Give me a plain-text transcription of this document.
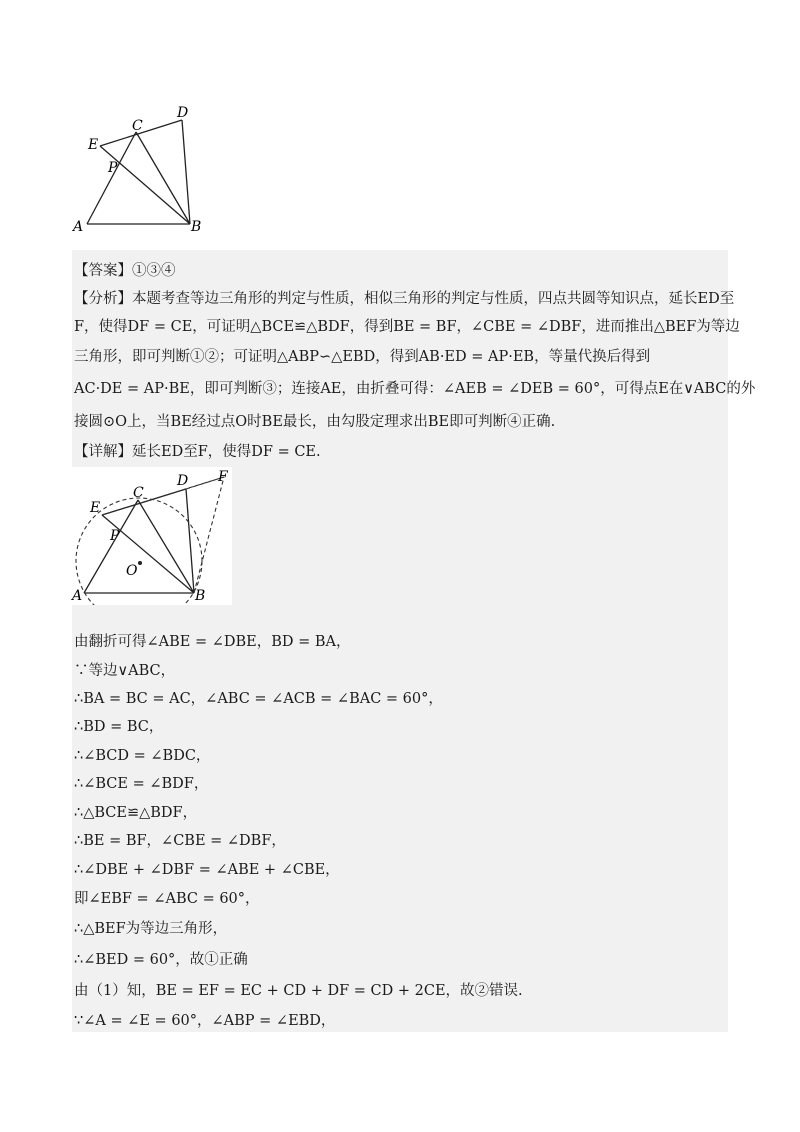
A	B
C
D
E
P
【答案】①③④
【分析】本题考查等边三角形的判定与性质，相似三角形的判定与性质，四点共圆等知识点，延长ED至
F，使得DF = CE，可证明△BCE≌△BDF，得到BE = BF，∠CBE = ∠DBF，进而推出△BEF为等边
三角形，即可判断①②；可证明△ABP∽△EBD，得到AB·ED = AP·EB，等量代换后得到
AC·DE = AP·BE，即可判断③；连接AE，由折叠可得：∠AEB = ∠DEB = 60°，可得点E在∨ABC的外
接圆⊙O上，当BE经过点O时BE最长，由勾股定理求出BE即可判断④正确.
【详解】延长ED至F，使得DF = CE.
A	B
C
D
E
F
P
O
由翻折可得∠ABE = ∠DBE，BD = BA，
∵等边∨ABC，
∴BA = BC = AC，∠ABC = ∠ACB = ∠BAC = 60°，
∴BD = BC，
∴∠BCD = ∠BDC，
∴∠BCE = ∠BDF，
∴△BCE≌△BDF，
∴BE = BF，∠CBE = ∠DBF，
∴∠DBE + ∠DBF = ∠ABE + ∠CBE，
即∠EBF = ∠ABC = 60°，
∴△BEF为等边三角形，
∴∠BED = 60°，故①正确
由（1）知，BE = EF = EC + CD + DF = CD + 2CE，故②错误.
∵∠A = ∠E = 60°，∠ABP = ∠EBD，
